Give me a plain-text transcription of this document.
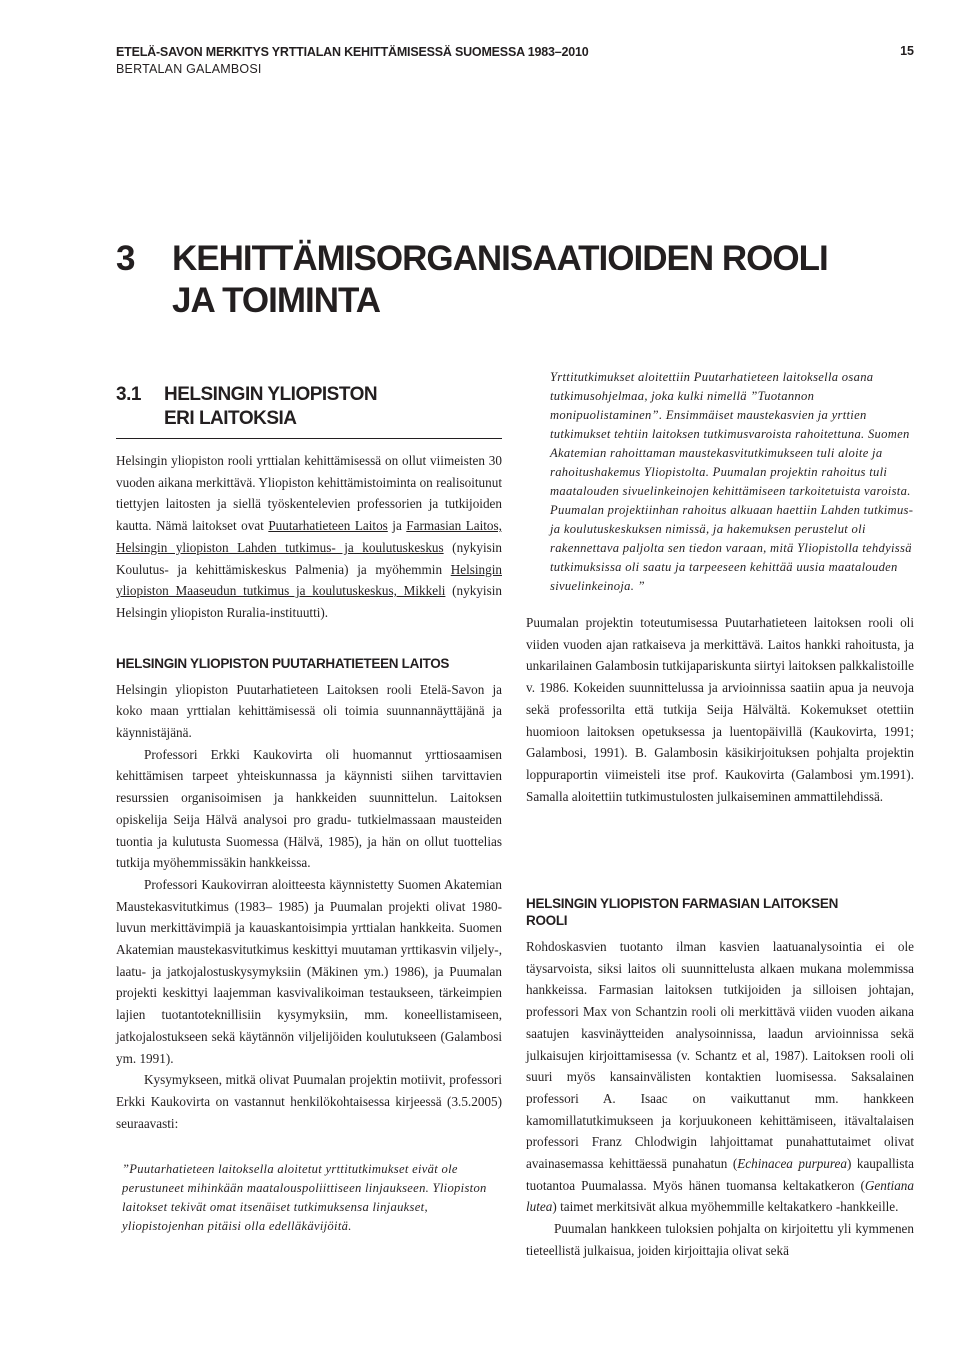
ETELÄ-SAVON MERKITYS YRTTIALAN KEHITTÄMISESSÄ SUOMESSA 1983–2010
BERTALAN GALAMBOSI
15
3 KEHITTÄMISORGANISAATIOIDEN ROOLI
JA TOIMINTA
3.1 HELSINGIN YLIOPISTON
ERI LAITOKSIA

Helsingin yliopiston rooli yrttialan kehittämisessä on ollut viimeisten 30 vuoden aikana merkittävä. Yliopiston kehittämistoiminta on realisoitunut tiettyjen laitosten ja siellä työskentelevien professorien ja tutkijoiden kautta. Nämä laitokset ovat Puutarhatieteen Laitos ja Farmasian Laitos, Helsingin yliopiston Lahden tutkimus- ja koulutuskeskus (nykyisin Koulutus- ja kehittämiskeskus Palmenia) ja myöhemmin Helsingin yliopiston Maaseudun tutkimus ja koulutuskeskus, Mikkeli (nykyisin Helsingin yliopiston Ruralia-instituutti).

HELSINGIN YLIOPISTON PUUTARHATIETEEN LAITOS

Helsingin yliopiston Puutarhatieteen Laitoksen rooli Etelä-Savon ja koko maan yrttialan kehittämisessä oli toimia suunnannäyttäjänä ja käynnistäjänä.

Professori Erkki Kaukovirta oli huomannut yrttiosaamisen kehittämisen tarpeet yhteiskunnassa ja käynnisti siihen tarvittavien resurssien organisoimisen ja hankkeiden suunnittelun. Laitoksen opiskelija Seija Hälvä analysoi pro gradu- tutkielmassaan mausteiden tuontia ja kulutusta Suomessa (Hälvä, 1985), ja hän on ollut tuottelias tutkija myöhemmissäkin hankkeissa.

Professori Kaukovirran aloitteesta käynnistetty Suomen Akatemian Maustekasvitutkimus (1983– 1985) ja Puumalan projekti olivat 1980-luvun merkittävimpiä ja kauaskantoisimpia yrttialan hankkeita. Suomen Akatemian maustekasvitutkimus keskittyi muutaman yrttikasvin viljely-, laatu- ja jatkojalostuskysymyksiin (Mäkinen ym.) 1986), ja Puumalan projekti keskittyi laajemman kasvivalikoiman testaukseen, tärkeimpien lajien tuotantoteknillisiin kysymyksiin, mm. koneellistamiseen, jatkojalostukseen sekä käytännön viljelijöiden koulutukseen (Galambosi ym. 1991).

Kysymykseen, mitkä olivat Puumalan projektin motiivit, professori Erkki Kaukovirta on vastannut henkilökohtaisessa kirjeessä (3.5.2005) seuraavasti:

”Puutarhatieteen laitoksella aloitetut yrttitutkimukset eivät ole perustuneet mihinkään maatalouspoliittiseen linjaukseen. Yliopiston laitokset tekivät omat itsenäiset tutkimuksensa linjaukset, yliopistojenhan pitäisi olla edelläkävijöitä.

Yrttitutkimukset aloitettiin Puutarhatieteen laitoksella osana tutkimusohjelmaa, joka kulki nimellä ”Tuotannon monipuolistaminen”. Ensimmäiset maustekasvien ja yrttien tutkimukset tehtiin laitoksen tutkimusvaroista rahoitettuna. Suomen Akatemian rahoittaman maustekasvitutkimukseen tuli aloite ja rahoitushakemus Yliopistolta. Puumalan projektin rahoitus tuli maatalouden sivuelinkeinojen kehittämiseen tarkoitetuista varoista. Puumalan projektiinhan rahoitus alkuaan haettiin Lahden tutkimus- ja koulutuskeskuksen nimissä, ja hakemuksen perustelut oli rakennettava paljolta sen tiedon varaan, mitä Yliopistolla tehdyissä tutkimuksissa oli saatu ja tarpeeseen kehittää uusia maatalouden sivuelinkeinoja. ”

Puumalan projektin toteutumisessa Puutarhatieteen laitoksen rooli oli viiden vuoden ajan ratkaiseva ja merkittävä. Laitos hankki rahoitusta, ja unkarilainen Galambosin tutkijapariskunta siirtyi laitoksen palkkalistoille v. 1986. Kokeiden suunnittelussa ja arvioinnissa saatiin apua ja neuvoja sekä professorilta että tutkija Seija Hälvältä. Kokemukset otettiin huomioon laitoksen opetuksessa ja luentopäivillä (Kaukovirta, 1991; Galambosi, 1991). B. Galambosin käsikirjoituksen pohjalta projektin loppuraportin viimeisteli itse prof. Kaukovirta (Galambosi ym.1991). Samalla aloitettiin tutkimustulosten julkaiseminen ammattilehdissä.

HELSINGIN YLIOPISTON FARMASIAN LAITOKSEN
ROOLI

Rohdoskasvien tuotanto ilman kasvien laatuanalysointia ei ole täysarvoista, siksi laitos oli suunnittelusta alkaen mukana molemmissa hankkeissa. Farmasian laitoksen tutkijoiden ja silloisen johtajan, professori Max von Schantzin rooli oli merkittävä viiden vuoden aikana saatujen kasvinäytteiden analysoinnissa, laadun arvioinnissa sekä julkaisujen kirjoittamisessa (v. Schantz et al, 1987). Laitoksen rooli oli suuri myös kansainvälisten kontaktien luomisessa. Saksalainen professori A. Isaac on vaikuttanut mm. hankkeen kamomillatutkimukseen ja korjuukoneen kehittämiseen, itävaltalaisen professori Franz Chlodwigin lahjoittamat punahattutaimet olivat avainasemassa kehittäessä punahatun (Echinacea purpurea) kaupallista tuotantoa Puumalassa. Myös hänen tuomansa keltakatkeron (Gentiana lutea) taimet merkitsivät alkua myöhemmille keltakatkero -hankkeille.

Puumalan hankkeen tuloksien pohjalta on kirjoitettu yli kymmenen tieteellistä julkaisua, joiden kirjoittajia olivat sekä
